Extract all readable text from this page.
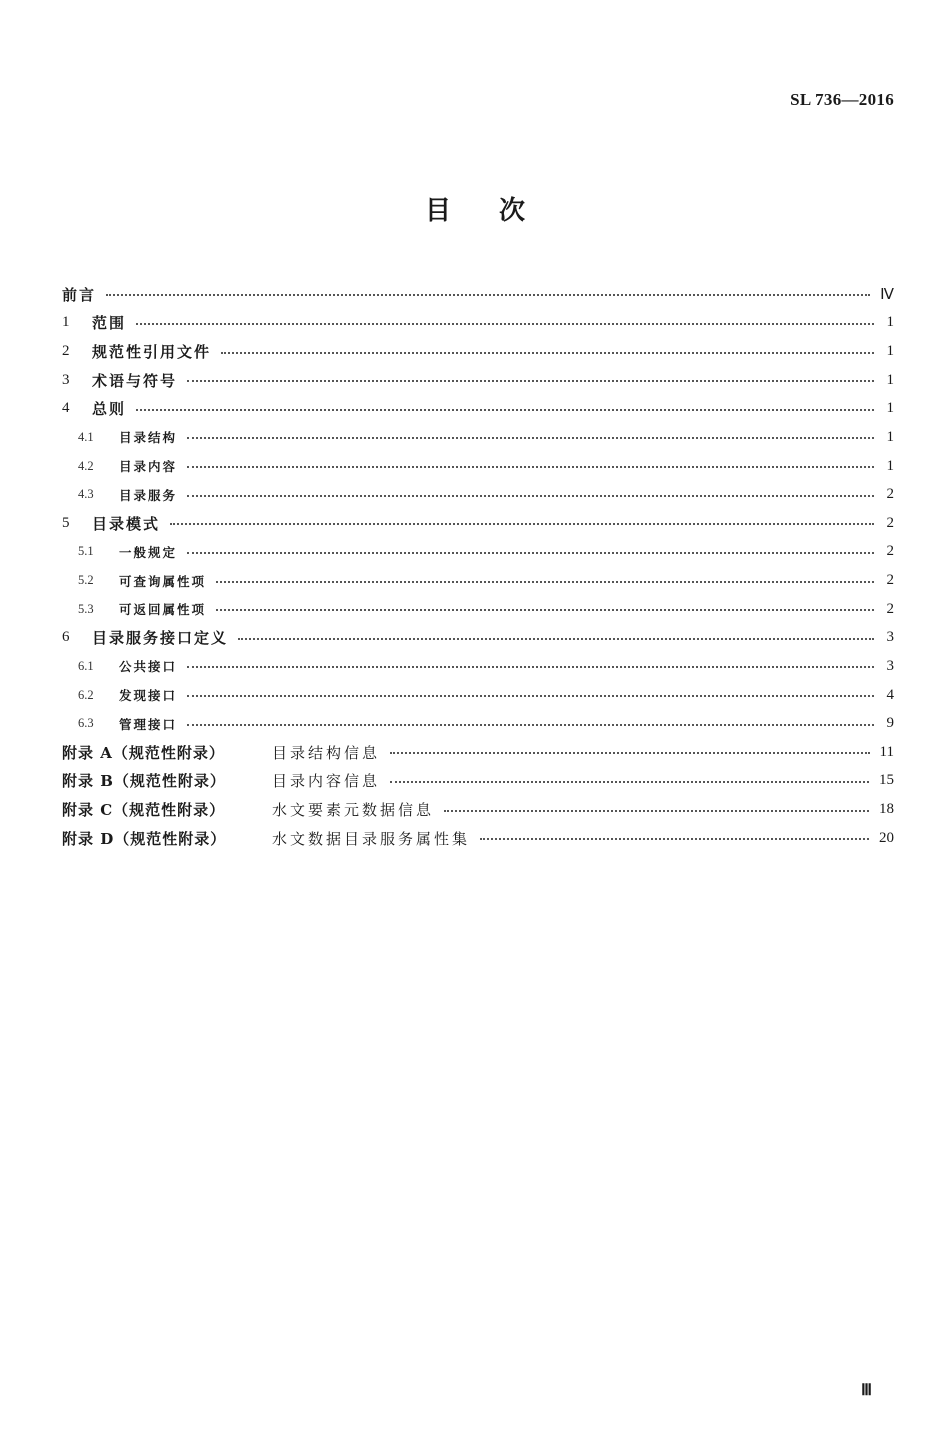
SL 736—2016
目次
前言	Ⅳ
1	范围	1
2	规范性引用文件	1
3	术语与符号	1
4	总则	1
4.1	目录结构	1
4.2	目录内容	1
4.3	目录服务	2
5	目录模式	2
5.1	一般规定	2
5.2	可查询属性项	2
5.3	可返回属性项	2
6	目录服务接口定义	3
6.1	公共接口	3
6.2	发现接口	4
6.3	管理接口	9
附录 A（规范性附录）	目录结构信息	11
附录 B（规范性附录）	目录内容信息	15
附录 C（规范性附录）	水文要素元数据信息	18
附录 D（规范性附录）	水文数据目录服务属性集	20
Ⅲ
